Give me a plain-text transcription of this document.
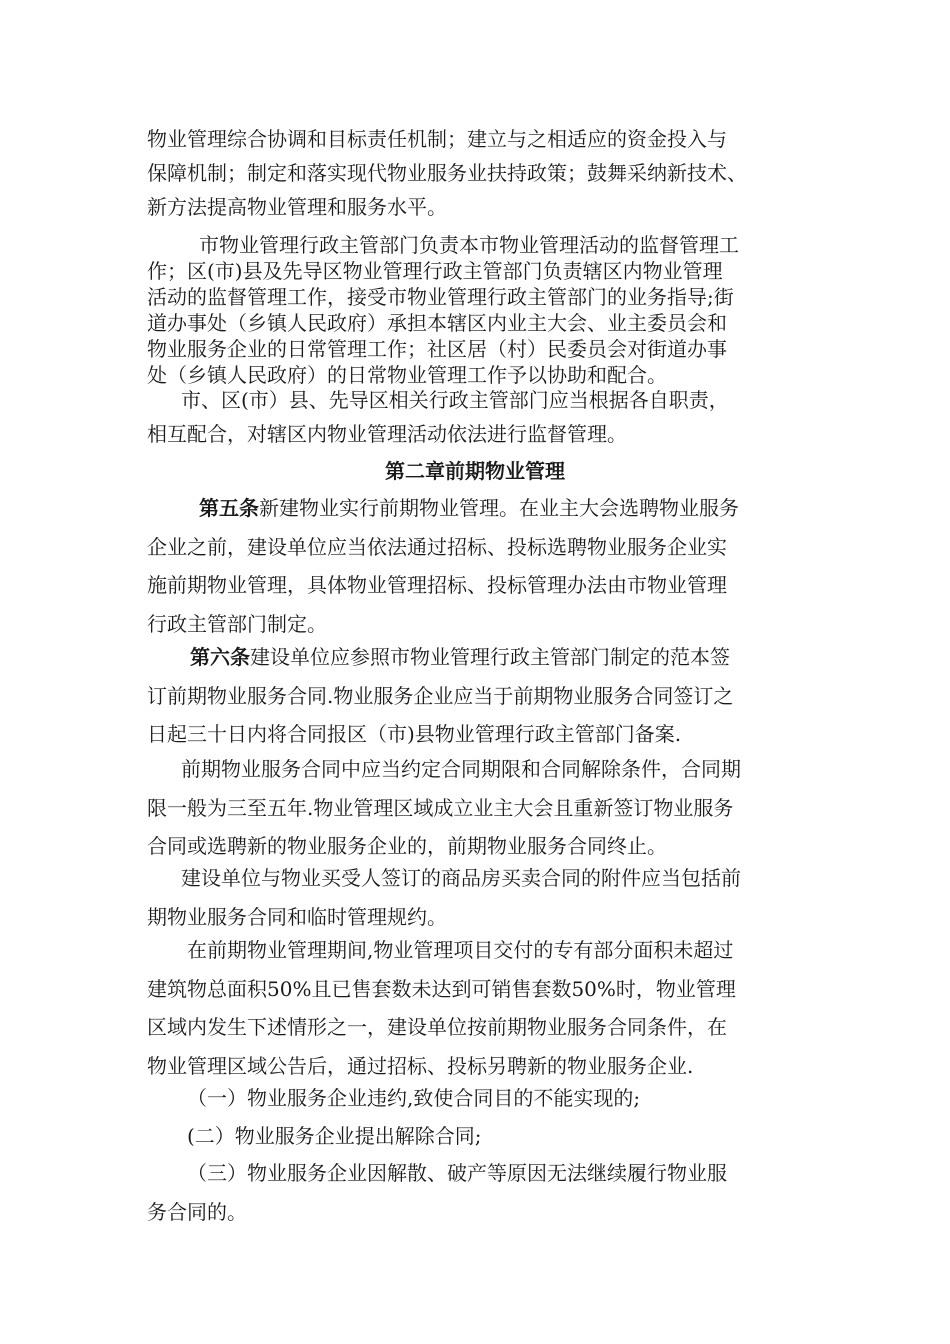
物业管理综合协调和目标责任机制；建立与之相适应的资金投入与
保障机制；制定和落实现代物业服务业扶持政策；鼓舞采纳新技术、
新方法提高物业管理和服务水平。
市物业管理行政主管部门负责本市物业管理活动的监督管理工
作；区(市)县及先导区物业管理行政主管部门负责辖区内物业管理
活动的监督管理工作，接受市物业管理行政主管部门的业务指导;街
道办事处（乡镇人民政府）承担本辖区内业主大会、业主委员会和
物业服务企业的日常管理工作；社区居（村）民委员会对街道办事
处（乡镇人民政府）的日常物业管理工作予以协助和配合。
市、区(市）县、先导区相关行政主管部门应当根据各自职责，
相互配合，对辖区内物业管理活动依法进行监督管理。
第二章前期物业管理
第五条新建物业实行前期物业管理。在业主大会选聘物业服务
企业之前，建设单位应当依法通过招标、投标选聘物业服务企业实
施前期物业管理，具体物业管理招标、投标管理办法由市物业管理
行政主管部门制定。
第六条建设单位应参照市物业管理行政主管部门制定的范本签
订前期物业服务合同.物业服务企业应当于前期物业服务合同签订之
日起三十日内将合同报区（市)县物业管理行政主管部门备案.
前期物业服务合同中应当约定合同期限和合同解除条件，合同期
限一般为三至五年.物业管理区域成立业主大会且重新签订物业服务
合同或选聘新的物业服务企业的，前期物业服务合同终止。
建设单位与物业买受人签订的商品房买卖合同的附件应当包括前
期物业服务合同和临时管理规约。
在前期物业管理期间,物业管理项目交付的专有部分面积未超过
建筑物总面积50%且已售套数未达到可销售套数50%时，物业管理
区域内发生下述情形之一，建设单位按前期物业服务合同条件，在
物业管理区域公告后，通过招标、投标另聘新的物业服务企业.
（一）物业服务企业违约,致使合同目的不能实现的;
(二）物业服务企业提出解除合同;
（三）物业服务企业因解散、破产等原因无法继续履行物业服
务合同的。
